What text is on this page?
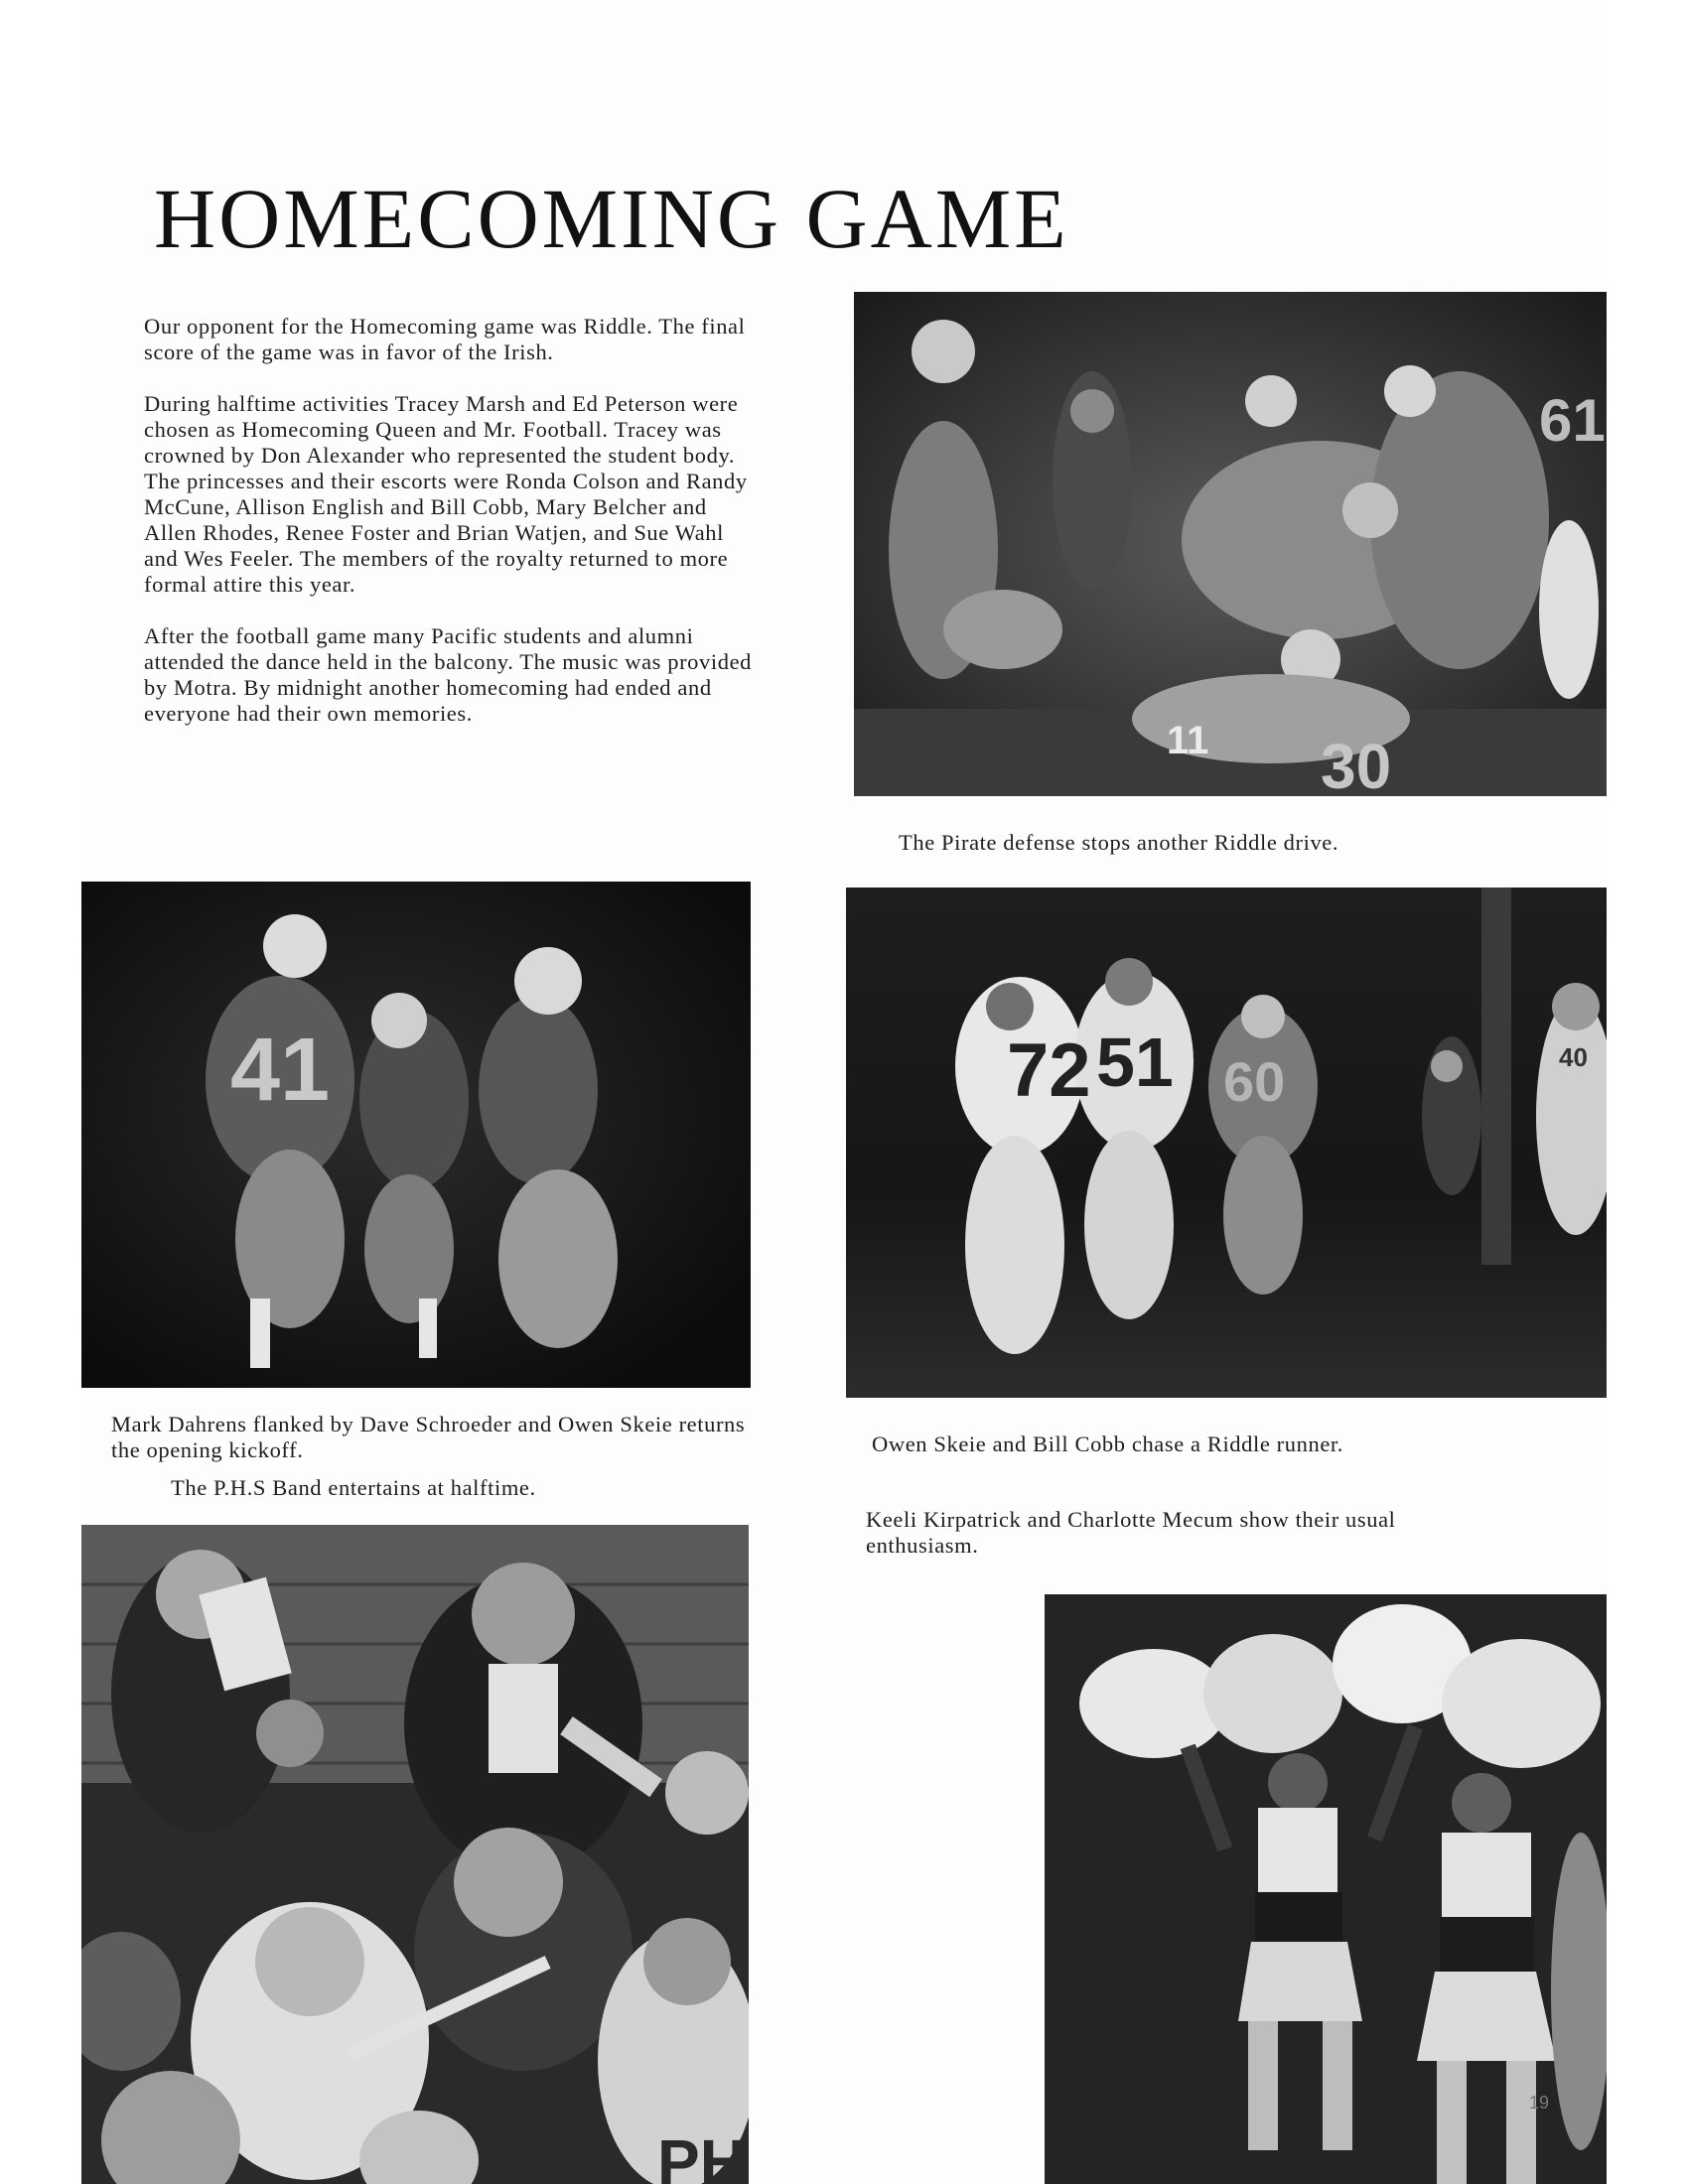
HOMECOMING GAME

Our opponent for the Homecoming game was Riddle. The final score of the game was in favor of the Irish.

During halftime activities Tracey Marsh and Ed Peterson were chosen as Homecoming Queen and Mr. Football. Tracey was crowned by Don Alexander who represented the student body. The princesses and their escorts were Ronda Colson and Randy McCune, Allison English and Bill Cobb, Mary Belcher and Allen Rhodes, Renee Foster and Brian Watjen, and Sue Wahl and Wes Feeler. The members of the royalty returned to more formal attire this year.

After the football game many Pacific students and alumni attended the dance held in the balcony. The music was provided by Motra. By midnight another homecoming had ended and everyone had their own memories.

61
30
11

The Pirate defense stops another Riddle drive.

41

Mark Dahrens flanked by Dave Schroeder and Owen Skeie returns the opening kickoff.

72 51 60	40

Owen Skeie and Bill Cobb chase a Riddle runner.

The P.H.S Band entertains at halftime.

PH

Keeli Kirpatrick and Charlotte Mecum show their usual enthusiasm.

19
